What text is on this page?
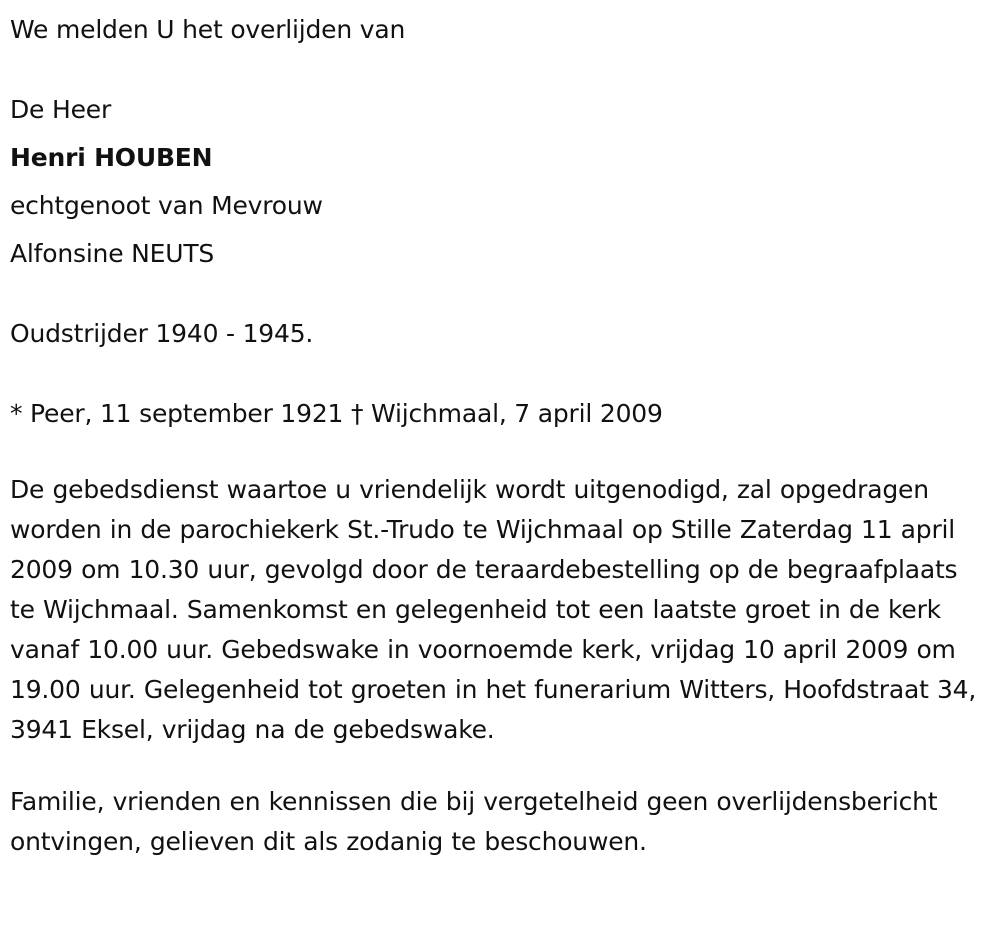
We melden U het overlijden van

De Heer

Henri HOUBEN

echtgenoot van Mevrouw

Alfonsine NEUTS

Oudstrijder 1940 - 1945.

* Peer, 11 september 1921 † Wijchmaal, 7 april 2009

De gebedsdienst waartoe u vriendelijk wordt uitgenodigd, zal opgedragen worden in de parochiekerk St.-Trudo te Wijchmaal op Stille Zaterdag 11 april 2009 om 10.30 uur, gevolgd door de teraardebestelling op de begraafplaats te Wijchmaal. Samenkomst en gelegenheid tot een laatste groet in de kerk vanaf 10.00 uur. Gebedswake in voornoemde kerk, vrijdag 10 april 2009 om 19.00 uur. Gelegenheid tot groeten in het funerarium Witters, Hoofdstraat 34, 3941 Eksel, vrijdag na de gebedswake.

Familie, vrienden en kennissen die bij vergetelheid geen overlijdensbericht ontvingen, gelieven dit als zodanig te beschouwen.
